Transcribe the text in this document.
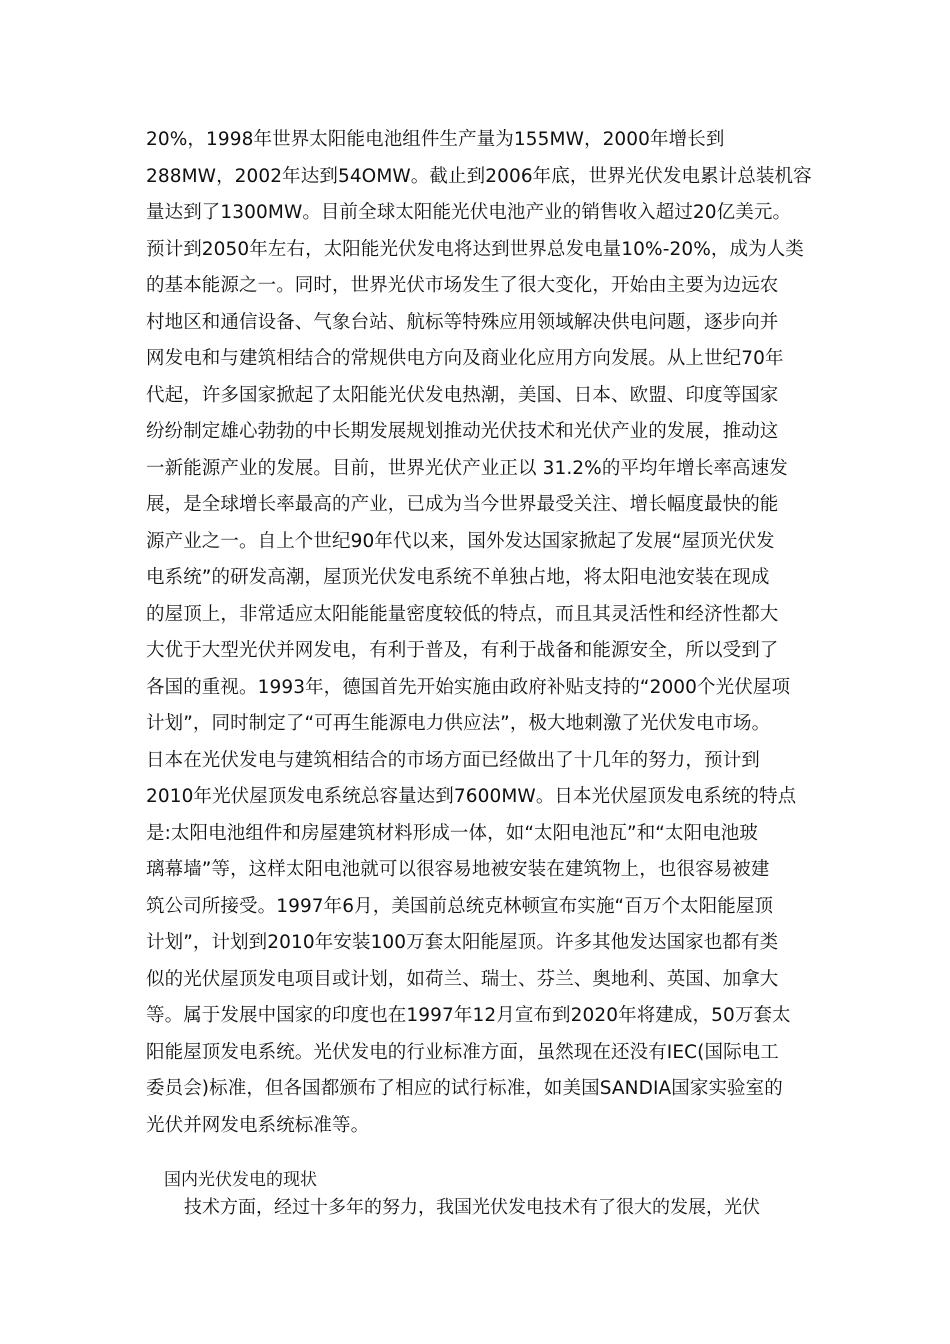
20%，1998年世界太阳能电池组件生产量为155MW，2000年增长到
288MW，2002年达到54OMW。截止到2006年底，世界光伏发电累计总装机容
量达到了1300MW。目前全球太阳能光伏电池产业的销售收入超过20亿美元。
预计到2050年左右，太阳能光伏发电将达到世界总发电量10%-20%，成为人类
的基本能源之一。同时，世界光伏市场发生了很大变化，开始由主要为边远农
村地区和通信设备、气象台站、航标等特殊应用领域解决供电问题，逐步向并
网发电和与建筑相结合的常规供电方向及商业化应用方向发展。从上世纪70年
代起，许多国家掀起了太阳能光伏发电热潮，美国、日本、欧盟、印度等国家
纷纷制定雄心勃勃的中长期发展规划推动光伏技术和光伏产业的发展，推动这
一新能源产业的发展。目前，世界光伏产业正以 31.2%的平均年增长率高速发
展，是全球增长率最高的产业，已成为当今世界最受关注、增长幅度最快的能
源产业之一。自上个世纪90年代以来，国外发达国家掀起了发展“屋顶光伏发
电系统”的研发高潮，屋顶光伏发电系统不单独占地，将太阳电池安装在现成
的屋顶上，非常适应太阳能能量密度较低的特点，而且其灵活性和经济性都大
大优于大型光伏并网发电，有利于普及，有利于战备和能源安全，所以受到了
各国的重视。1993年，德国首先开始实施由政府补贴支持的“2000个光伏屋项
计划”，同时制定了“可再生能源电力供应法”，极大地刺激了光伏发电市场。
日本在光伏发电与建筑相结合的市场方面已经做出了十几年的努力，预计到
2010年光伏屋顶发电系统总容量达到7600MW。日本光伏屋顶发电系统的特点
是:太阳电池组件和房屋建筑材料形成一体，如“太阳电池瓦”和“太阳电池玻
璃幕墙”等，这样太阳电池就可以很容易地被安装在建筑物上，也很容易被建
筑公司所接受。1997年6月，美国前总统克林顿宣布实施“百万个太阳能屋顶
计划”，计划到2010年安装100万套太阳能屋顶。许多其他发达国家也都有类
似的光伏屋顶发电项目或计划，如荷兰、瑞士、芬兰、奥地利、英国、加拿大
等。属于发展中国家的印度也在1997年12月宣布到2020年将建成，50万套太
阳能屋顶发电系统。光伏发电的行业标准方面，虽然现在还没有IEC(国际电工
委员会)标准，但各国都颁布了相应的试行标准，如美国SANDIA国家实验室的
光伏并网发电系统标准等。
国内光伏发电的现状
技术方面，经过十多年的努力，我国光伏发电技术有了很大的发展，光伏
